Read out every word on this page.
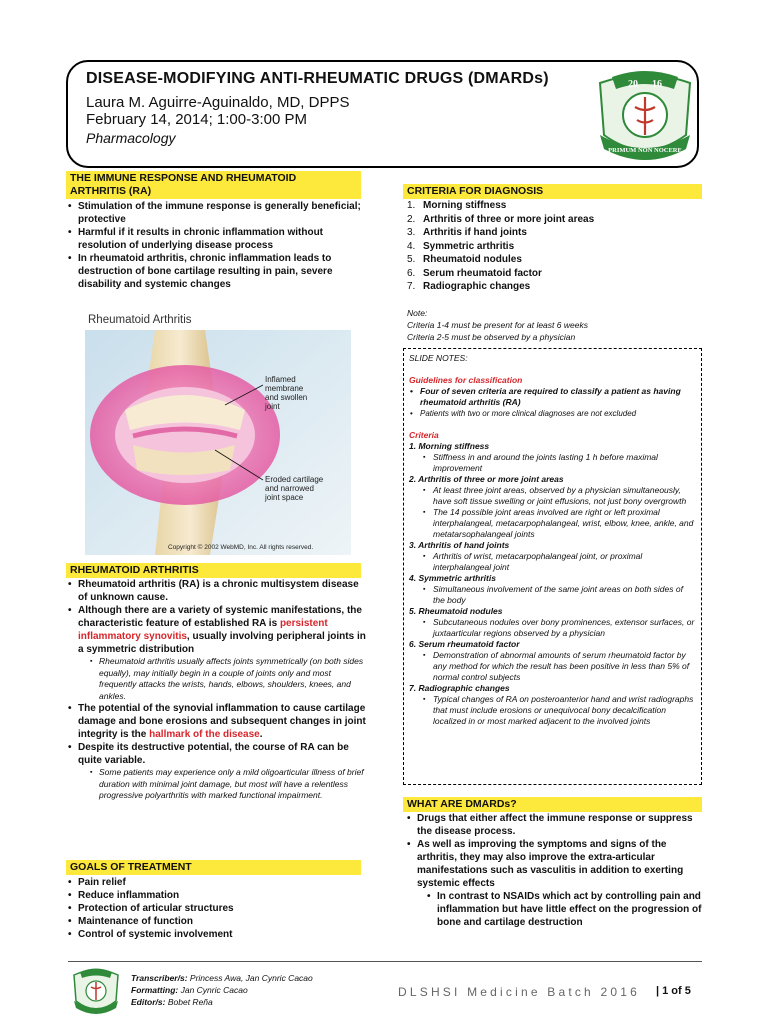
DISEASE-MODIFYING ANTI-RHEUMATIC DRUGS (DMARDs)
Laura M. Aguirre-Aguinaldo, MD, DPPS
February 14, 2014; 1:00-3:00 PM
Pharmacology
20 16
PRIMUM NON NOCERE
THE IMMUNE RESPONSE AND RHEUMATOID
ARTHRITIS (RA)
• Stimulation of the immune response is generally beneficial; protective
• Harmful if it results in chronic inflammation without resolution of underlying disease process
• In rheumatoid arthritis, chronic inflammation leads to destruction of bone cartilage resulting in pain, severe disability and systemic changes
Rheumatoid Arthritis
Inflamed membrane and swollen joint
Eroded cartilage and narrowed joint space
Copyright © 2002 WebMD, Inc. All rights reserved.
RHEUMATOID ARTHRITIS
• Rheumatoid arthritis (RA) is a chronic multisystem disease of unknown cause.
• Although there are a variety of systemic manifestations, the characteristic feature of established RA is persistent inflammatory synovitis, usually involving peripheral joints in a symmetric distribution
▪ Rheumatoid arthritis usually affects joints symmetrically (on both sides equally), may initially begin in a couple of joints only and most frequently attacks the wrists, hands, elbows, shoulders, knees, and ankles.
• The potential of the synovial inflammation to cause cartilage damage and bone erosions and subsequent changes in joint integrity is the hallmark of the disease.
• Despite its destructive potential, the course of RA can be quite variable.
▪ Some patients may experience only a mild oligoarticular illness of brief duration with minimal joint damage, but most will have a relentless progressive polyarthritis with marked functional impairment.
GOALS OF TREATMENT
• Pain relief
• Reduce inflammation
• Protection of articular structures
• Maintenance of function
• Control of systemic involvement
CRITERIA FOR DIAGNOSIS
1. Morning stiffness
2. Arthritis of three or more joint areas
3. Arthritis if hand joints
4. Symmetric arthritis
5. Rheumatoid nodules
6. Serum rheumatoid factor
7. Radiographic changes
Note:
Criteria 1-4 must be present for at least 6 weeks
Criteria 2-5 must be observed by a physician
SLIDE NOTES:
Guidelines for classification
• Four of seven criteria are required to classify a patient as having rheumatoid arthritis (RA)
• Patients with two or more clinical diagnoses are not excluded
Criteria
1. Morning stiffness
▪ Stiffness in and around the joints lasting 1 h before maximal improvement
2. Arthritis of three or more joint areas
▪ At least three joint areas, observed by a physician simultaneously, have soft tissue swelling or joint effusions, not just bony overgrowth
▪ The 14 possible joint areas involved are right or left proximal interphalangeal, metacarpophalangeal, wrist, elbow, knee, ankle, and metatarsophalangeal joints
3. Arthritis of hand joints
▪ Arthritis of wrist, metacarpophalangeal joint, or proximal interphalangeal joint
4. Symmetric arthritis
▪ Simultaneous involvement of the same joint areas on both sides of the body
5. Rheumatoid nodules
▪ Subcutaneous nodules over bony prominences, extensor surfaces, or juxtaarticular regions observed by a physician
6. Serum rheumatoid factor
▪ Demonstration of abnormal amounts of serum rheumatoid factor by any method for which the result has been positive in less than 5% of normal control subjects
7. Radiographic changes
▪ Typical changes of RA on posteroanterior hand and wrist radiographs that must include erosions or unequivocal bony decalcification localized in or most marked adjacent to the involved joints
WHAT ARE DMARDs?
• Drugs that either affect the immune response or suppress the disease process.
• As well as improving the symptoms and signs of the arthritis, they may also improve the extra-articular manifestations such as vasculitis in addition to exerting systemic effects
• In contrast to NSAIDs which act by controlling pain and inflammation but have little effect on the progression of bone and cartilage destruction
Transcriber/s: Princess Awa, Jan Cynric Cacao
Formatting: Jan Cynric Cacao
Editor/s: Bobet Reña
DLSHSI Medicine Batch 2016 | 1 of 5
